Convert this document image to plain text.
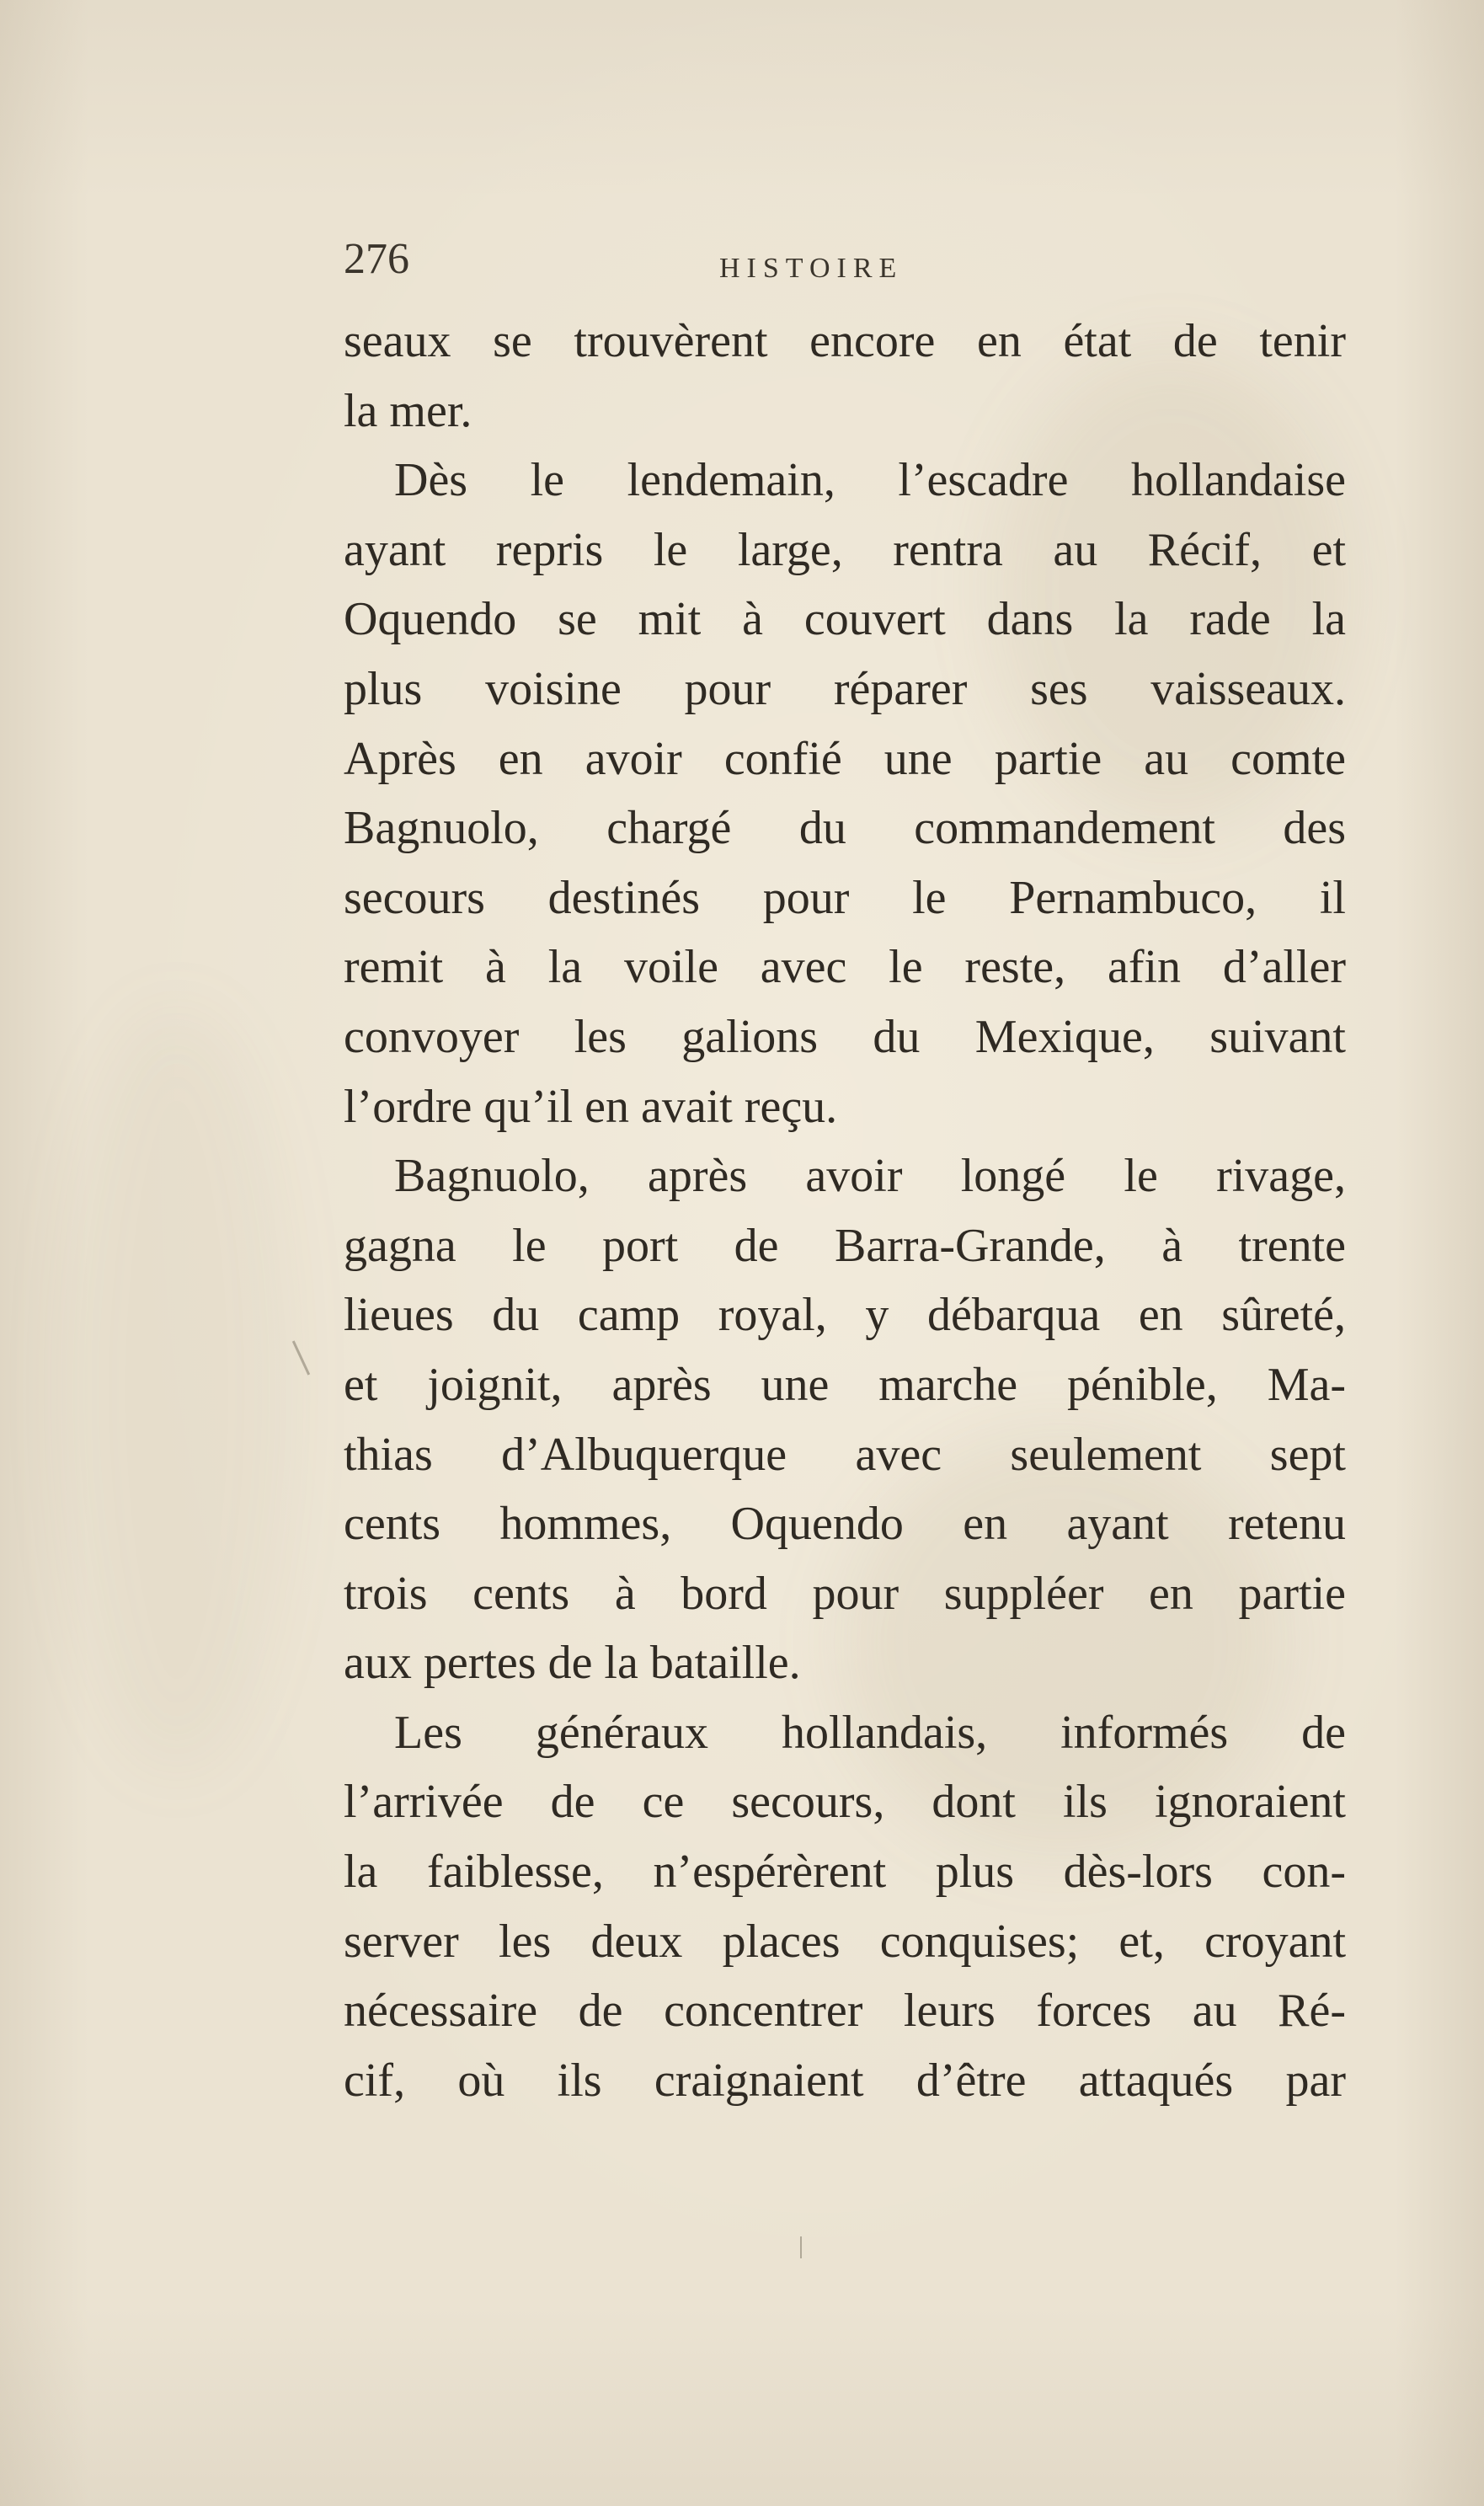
276	HISTOIRE
seaux se trouvèrent encore en état de tenir
la mer.
Dès le lendemain, l’escadre hollandaise
ayant repris le large, rentra au Récif, et
Oquendo se mit à couvert dans la rade la
plus voisine pour réparer ses vaisseaux.
Après en avoir confié une partie au comte
Bagnuolo, chargé du commandement des
secours destinés pour le Pernambuco, il
remit à la voile avec le reste, afin d’aller
convoyer les galions du Mexique, suivant
l’ordre qu’il en avait reçu.
Bagnuolo, après avoir longé le rivage,
gagna le port de Barra-Grande, à trente
lieues du camp royal, y débarqua en sûreté,
et joignit, après une marche pénible, Ma-
thias d’Albuquerque avec seulement sept
cents hommes, Oquendo en ayant retenu
trois cents à bord pour suppléer en partie
aux pertes de la bataille.
Les généraux hollandais, informés de
l’arrivée de ce secours, dont ils ignoraient
la faiblesse, n’espérèrent plus dès-lors con-
server les deux places conquises; et, croyant
nécessaire de concentrer leurs forces au Ré-
cif, où ils craignaient d’être attaqués par
